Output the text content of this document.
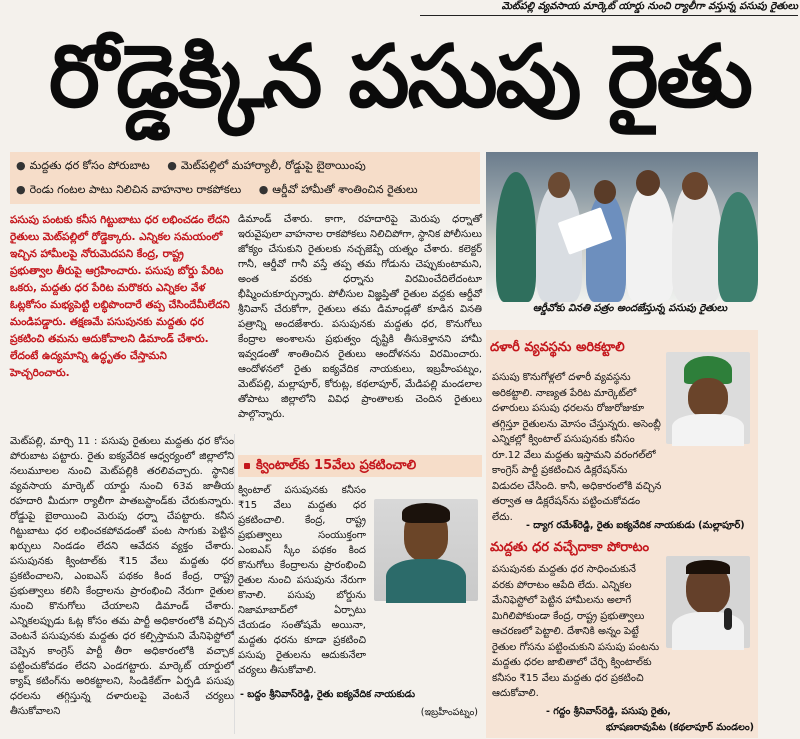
మెట్‌పల్లి వ్యవసాయ మార్కెట్ యార్డు నుంచి ర్యాలీగా వస్తున్న పసుపు రైతులు
రోడ్డెక్కిన పసుపు రైతు
● మద్దతు ధర కోసం పోరుబాట ● మెట్‌పల్లిలో మహార్యాలీ, రోడ్డుపై బైఠాయింపు
● రెండు గంటల పాటు నిలిచిన వాహనాల రాకపోకలు ● ఆర్డీవో హామీతో శాంతించిన రైతులు
ఆర్డీవోకు వినతి పత్రం అందజేస్తున్న పసుపు రైతులు
పసుపు పంటకు కనీస గిట్టుబాటు ధర లభించడం లేదని రైతులు మెట్‌పల్లిలో రోడ్డెక్కారు. ఎన్నికల సమయంలో ఇచ్చిన హామీలపై నోరుమెదపని కేంద్ర, రాష్ట్ర ప్రభుత్వాల తీరుపై ఆగ్రహించారు. పసుపు బోర్డు పేరిట ఒకరు, మద్దతు ధర పేరిట మరొకరు ఎన్నికల వేళ ఓట్లకోసం మభ్యపెట్టి లబ్ధిపొందారే తప్ప చేసిందేమీలేదని మండిపడ్డారు. తక్షణమే పసుపునకు మద్దతు ధర ప్రకటించి తమను ఆదుకోవాలని డిమాండ్ చేశారు. లేదంటే ఉద్యమాన్ని ఉద్ధృతం చేస్తామని హెచ్చరించారు.
మెట్‌పల్లి, మార్చి 11 : పసుపు రైతులు మద్దతు ధర కోసం పోరుబాట పట్టారు. రైతు ఐక్యవేదిక ఆధ్వర్యంలో జిల్లాలోని నలుమూలల నుంచి మెట్‌పల్లికి తరలివచ్చారు. స్థానిక వ్యవసాయ మార్కెట్ యార్డు నుంచి 63వ జాతీయ రహదారి మీదుగా ర్యాలీగా పాతబస్టాండ్‌కు చేరుకున్నారు. రోడ్డుపై బైఠాయించి మెరుపు ధర్నా చేపట్టారు. కనీస గిట్టుబాటు ధర లభించకపోవడంతో పంట సాగుకు పెట్టిన ఖర్చులు నిండడం లేదని ఆవేదన వ్యక్తం చేశారు. పసుపునకు క్వింటాల్‌కు ₹15 వేలు మద్దతు ధర ప్రకటించాలని, ఎంఐఎస్ పథకం కింద కేంద్ర, రాష్ట్ర ప్రభుత్వాలు కలిసి కేంద్రాలను ప్రారంభించి నేరుగా రైతుల నుంచి కొనుగోలు చేయాలని డిమాండ్ చేశారు. ఎన్నికలప్పుడు ఓట్ల కోసం తమ పార్టీ అధికారంలోకి వచ్చిన వెంటనే పసుపునకు మద్దతు ధర కల్పిస్తామని మేనిఫెస్టోలో చెప్పిన కాంగ్రెస్ పార్టీ తీరా అధికారంలోకి వచ్చాక పట్టించుకోవడం లేదని ఎండగట్టారు. మార్కెట్ యార్డులో క్యాష్ కటింగ్‌ను అరికట్టాలని, సిండికేట్‌గా ఏర్పడి పసుపు ధరలను తగ్గిస్తున్న దళారులపై వెంటనే చర్యలు తీసుకోవాలని
డిమాండ్ చేశారు. కాగా, రహదారిపై మెరుపు ధర్నాతో ఇరువైపులా వాహనాల రాకపోకలు నిలిచిపోగా, స్థానిక పోలీసులు జోక్యం చేసుకుని రైతులకు నచ్చజెప్పే యత్నం చేశారు. కలెక్టర్ గానీ, ఆర్డీవో గానీ వస్తే తప్ప తమ గోడును చెప్పుకుంటామని, అంత వరకు ధర్నాను విరమించేదిలేదంటూ భీష్మించుకూర్చున్నారు. పోలీసుల విజ్ఞప్తితో రైతుల వద్దకు ఆర్డీవో శ్రీనివాస్ చేరుకోగా, రైతులు తమ డిమాండ్లతో కూడిన వినతి పత్రాన్ని అందజేశారు. పసుపునకు మద్దతు ధర, కొనుగోలు కేంద్రాల అంశాలను ప్రభుత్వం దృష్టికి తీసుకెళ్తానని హామీ ఇవ్వడంతో శాంతించిన రైతులు ఆందోళనను విరమించారు. ఆందోళనలో రైతు ఐక్యవేదిక నాయకులు, ఇబ్రహీంపట్నం, మెట్‌పల్లి, మల్లాపూర్, కోరుట్ల, కథలాపూర్, మేడిపల్లి మండలాల తోపాటు జిల్లాలోని వివిధ ప్రాంతాలకు చెందిన రైతులు పాల్గొన్నారు.
క్వింటాల్‌కు 15వేలు ప్రకటించాలి
క్వింటాల్ పసుపునకు కనీసం ₹15 వేలు మద్దతు ధర ప్రకటించాలి. కేంద్ర, రాష్ట్ర ప్రభుత్వాలు సంయుక్తంగా ఎంఐఎస్ స్కీం పథకం కింద కొనుగోలు కేంద్రాలను ప్రారంభించి రైతుల నుంచి పసుపును నేరుగా కొనాలి. పసుపు బోర్డును నిజామాబాద్‌లో ఏర్పాటు చేయడం సంతోషమే అయినా, మద్దతు ధరను కూడా ప్రకటించి పసుపు రైతులను ఆదుకునేలా చర్యలు తీసుకోవాలి.
- బద్దం శ్రీనివాస్‌రెడ్డి, రైతు ఐక్యవేదిక నాయకుడు
(ఇబ్రహీంపట్నం)
దళారీ వ్యవస్థను అరికట్టాలి
పసుపు కొనుగోళ్లలో దళారీ వ్యవస్థను అరికట్టాలి. నాణ్యత పేరిట మార్కెట్‌లో దళారులు పసుపు ధరలను రోజురోజుకూ తగ్గిస్తూ రైతులను మోసం చేస్తున్నరు. అసెంబ్లీ ఎన్నికల్లో క్వింటాల్ పసుపునకు కనీసం రూ.12 వేలు మద్దతు ఇస్తామని వరంగల్‌లో కాంగ్రెస్ పార్టీ ప్రకటించిన డిక్లరేషన్‌ను విడుదల చేసింది. కానీ, అధికారంలోకి వచ్చిన తర్వాత ఆ డిక్లరేషన్‌ను పట్టించుకోవడం లేదు.
- ద్యాగ రమేశ్‌రెడ్డి, రైతు ఐక్యవేదిక నాయకుడు (మల్లాపూర్)
మద్దతు ధర వచ్చేదాకా పోరాటం
పసుపునకు మద్దతు ధర సాధించుకునే వరకు పోరాటం ఆపేది లేదు. ఎన్నికల మేనిఫెస్టోలో పెట్టిన హామీలను అలాగే మిగిలిపోకుండా కేంద్ర, రాష్ట్ర ప్రభుత్వాలు ఆచరణలో పెట్టాలి. దేశానికి అన్నం పెట్టే రైతుల గోసను పట్టించుకుని పసుపు పంటను మద్దతు ధరల జాబితాలో చేర్చి క్వింటాల్‌కు కనీసం ₹15 వేలు మద్దతు ధర ప్రకటించి ఆదుకోవాలి.
- గద్దం శ్రీనివాస్‌రెడ్డి, పసుపు రైతు,
భూషణరావుపేట (కథలాపూర్ మండలం)
